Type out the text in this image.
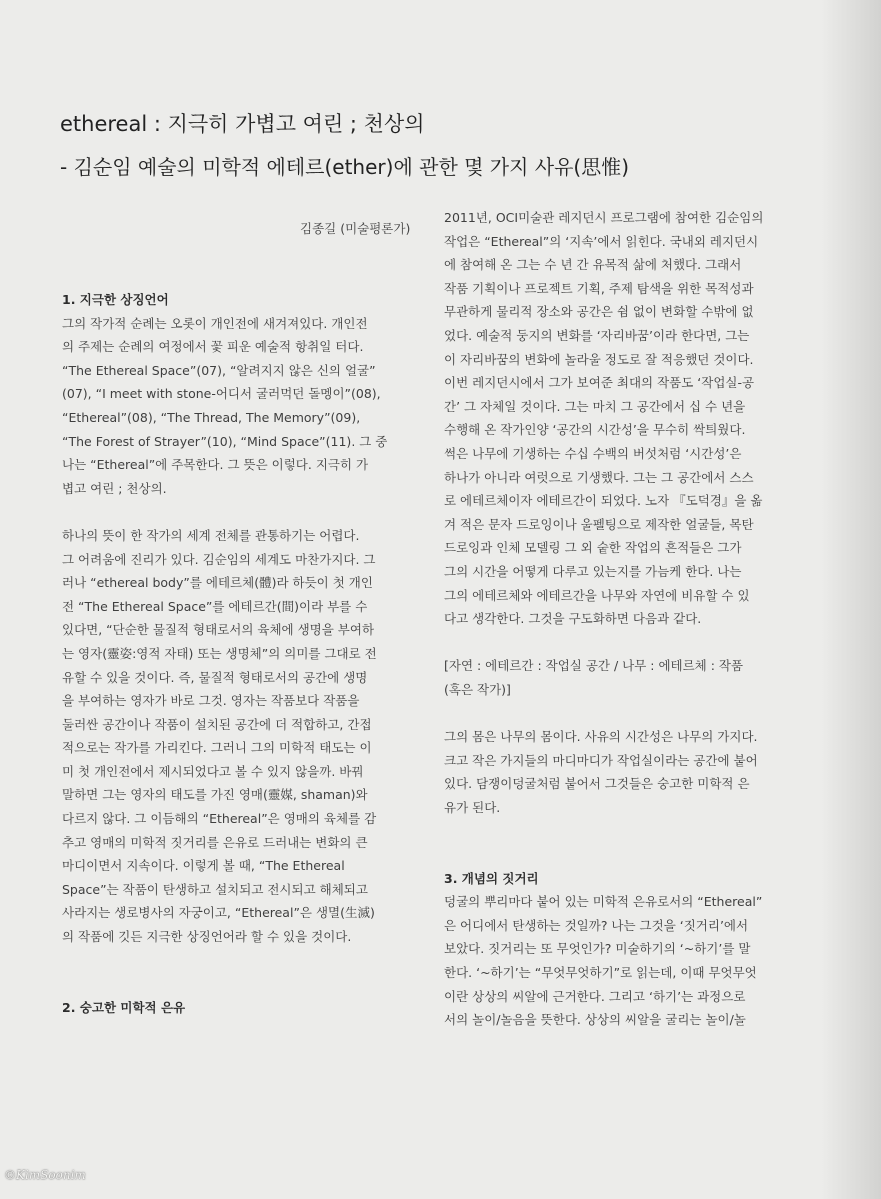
ethereal : 지극히 가볍고 여린 ; 천상의
- 김순임 예술의 미학적 에테르(ether)에 관한 몇 가지 사유(思惟)
김종길 (미술평론가)
1. 지극한 상징언어
그의 작가적 순례는 오롯이 개인전에 새겨져있다. 개인전
의 주제는 순례의 여정에서 꽃 피운 예술적 항취일 터다.
“The Ethereal Space”(07), “알려지지 않은 신의 얼굴”
(07), “I meet with stone-어디서 굴러먹던 돌멩이”(08),
“Ethereal”(08), “The Thread, The Memory”(09),
“The Forest of Strayer”(10), “Mind Space”(11). 그 중
나는 “Ethereal”에 주목한다. 그 뜻은 이렇다. 지극히 가
볍고 여린 ; 천상의.
하나의 뜻이 한 작가의 세계 전체를 관통하기는 어렵다.
그 어려움에 진리가 있다. 김순임의 세계도 마찬가지다. 그
러나 “ethereal body”를 에테르체(體)라 하듯이 첫 개인
전 “The Ethereal Space”를 에테르간(間)이라 부를 수
있다면, “단순한 물질적 형태로서의 육체에 생명을 부여하
는 영자(靈姿:영적 자태) 또는 생명체”의 의미를 그대로 전
유할 수 있을 것이다. 즉, 물질적 형태로서의 공간에 생명
을 부여하는 영자가 바로 그것. 영자는 작품보다 작품을
둘러싼 공간이나 작품이 설치된 공간에 더 적합하고, 간접
적으로는 작가를 가리킨다. 그러니 그의 미학적 태도는 이
미 첫 개인전에서 제시되었다고 볼 수 있지 않을까. 바꿔
말하면 그는 영자의 태도를 가진 영매(靈媒, shaman)와
다르지 않다. 그 이듬해의 “Ethereal”은 영매의 육체를 감
추고 영매의 미학적 짓거리를 은유로 드러내는 변화의 큰
마디이면서 지속이다. 이렇게 볼 때, “The Ethereal
Space”는 작품이 탄생하고 설치되고 전시되고 해체되고
사라지는 생로병사의 자궁이고, “Ethereal”은 생멸(生滅)
의 작품에 깃든 지극한 상징언어라 할 수 있을 것이다.
2. 숭고한 미학적 은유
2011년, OCI미술관 레지던시 프로그램에 참여한 김순임의
작업은 “Ethereal”의 ‘지속’에서 읽힌다. 국내외 레지던시
에 참여해 온 그는 수 년 간 유목적 삶에 처했다. 그래서
작품 기획이나 프로젝트 기획, 주제 탐색을 위한 목적성과
무관하게 물리적 장소와 공간은 쉼 없이 변화할 수밖에 없
었다. 예술적 둥지의 변화를 ‘자리바꿈’이라 한다면, 그는
이 자리바꿈의 변화에 놀라울 정도로 잘 적응했던 것이다.
이번 레지던시에서 그가 보여준 최대의 작품도 ‘작업실-공
간’ 그 자체일 것이다. 그는 마치 그 공간에서 십 수 년을
수행해 온 작가인양 ‘공간의 시간성’을 무수히 싹틔웠다.
썩은 나무에 기생하는 수십 수백의 버섯처럼 ‘시간성’은
하나가 아니라 여럿으로 기생했다. 그는 그 공간에서 스스
로 에테르체이자 에테르간이 되었다. 노자 『도덕경』을 옮
겨 적은 문자 드로잉이나 울펠팅으로 제작한 얼굴들, 목탄
드로잉과 인체 모델링 그 외 숱한 작업의 흔적들은 그가
그의 시간을 어떻게 다루고 있는지를 가늠케 한다. 나는
그의 에테르체와 에테르간을 나무와 자연에 비유할 수 있
다고 생각한다. 그것을 구도화하면 다음과 같다.
[자연 : 에테르간 : 작업실 공간 / 나무 : 에테르체 : 작품
(혹은 작가)]
그의 몸은 나무의 몸이다. 사유의 시간성은 나무의 가지다.
크고 작은 가지들의 마디마디가 작업실이라는 공간에 붙어
있다. 담쟁이덩굴처럼 붙어서 그것들은 숭고한 미학적 은
유가 된다.
3. 개념의 짓거리
덩굴의 뿌리마다 붙어 있는 미학적 은유로서의 “Ethereal”
은 어디에서 탄생하는 것일까? 나는 그것을 ‘짓거리’에서
보았다. 짓거리는 또 무엇인가? 미술하기의 ‘~하기’를 말
한다. ‘~하기’는 “무엇무엇하기”로 읽는데, 이때 무엇무엇
이란 상상의 씨알에 근거한다. 그리고 ‘하기’는 과정으로
서의 놀이/놀음을 뜻한다. 상상의 씨알을 굴리는 놀이/놀
©KimSoonim
